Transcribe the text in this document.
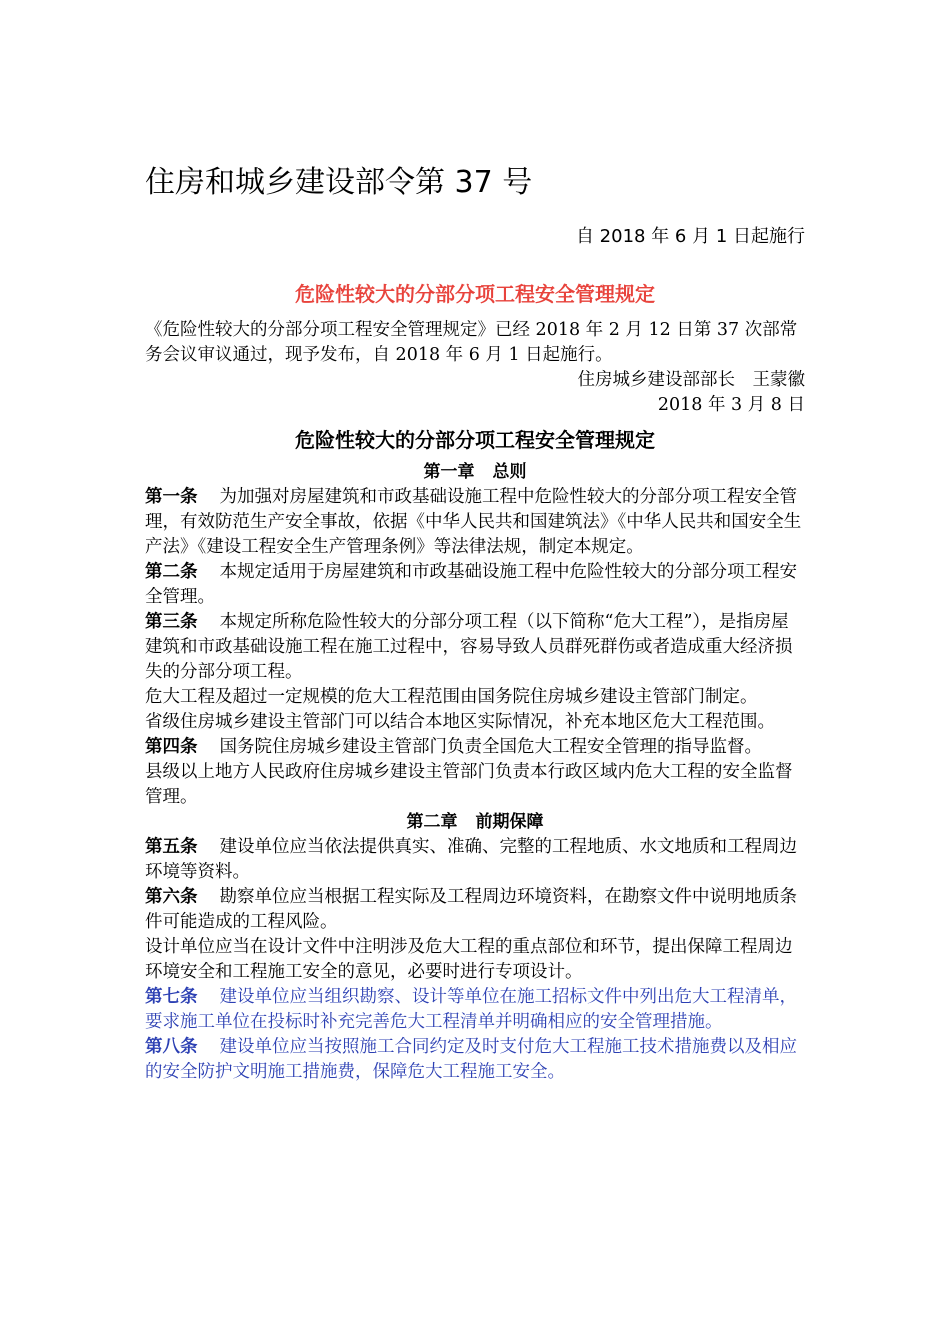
住房和城乡建设部令第 37 号
自 2018 年 6 月 1 日起施行
危险性较大的分部分项工程安全管理规定

《危险性较大的分部分项工程安全管理规定》已经 2018 年 2 月 12 日第 37 次部常务会议审议通过，现予发布，自 2018 年 6 月 1 日起施行。

住房城乡建设部部长　王蒙徽

2018 年 3 月 8 日

危险性较大的分部分项工程安全管理规定

第一章 总则

第一条 为加强对房屋建筑和市政基础设施工程中危险性较大的分部分项工程安全管理，有效防范生产安全事故，依据《中华人民共和国建筑法》《中华人民共和国安全生产法》《建设工程安全生产管理条例》等法律法规，制定本规定。

第二条 本规定适用于房屋建筑和市政基础设施工程中危险性较大的分部分项工程安全管理。

第三条 本规定所称危险性较大的分部分项工程（以下简称“危大工程”），是指房屋建筑和市政基础设施工程在施工过程中，容易导致人员群死群伤或者造成重大经济损失的分部分项工程。

危大工程及超过一定规模的危大工程范围由国务院住房城乡建设主管部门制定。

省级住房城乡建设主管部门可以结合本地区实际情况，补充本地区危大工程范围。

第四条 国务院住房城乡建设主管部门负责全国危大工程安全管理的指导监督。

县级以上地方人民政府住房城乡建设主管部门负责本行政区域内危大工程的安全监督管理。

第二章 前期保障

第五条 建设单位应当依法提供真实、准确、完整的工程地质、水文地质和工程周边环境等资料。

第六条 勘察单位应当根据工程实际及工程周边环境资料，在勘察文件中说明地质条件可能造成的工程风险。

设计单位应当在设计文件中注明涉及危大工程的重点部位和环节，提出保障工程周边环境安全和工程施工安全的意见，必要时进行专项设计。

第七条 建设单位应当组织勘察、设计等单位在施工招标文件中列出危大工程清单，要求施工单位在投标时补充完善危大工程清单并明确相应的安全管理措施。

第八条 建设单位应当按照施工合同约定及时支付危大工程施工技术措施费以及相应的安全防护文明施工措施费，保障危大工程施工安全。
